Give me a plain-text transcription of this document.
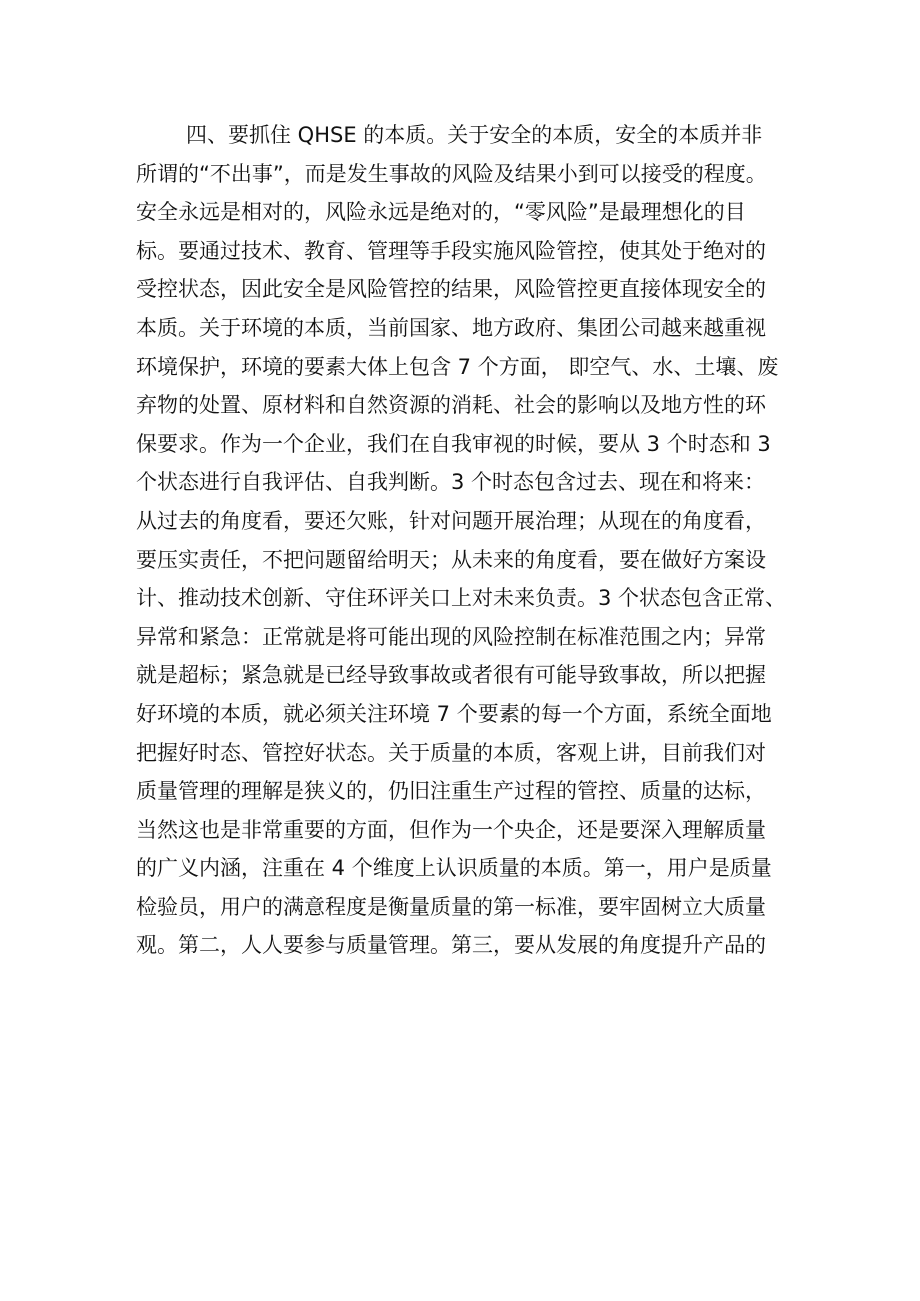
四、要抓住 QHSE 的本质。关于安全的本质，安全的本质并非
所谓的“不出事”，而是发生事故的风险及结果小到可以接受的程度。
安全永远是相对的，风险永远是绝对的，“零风险”是最理想化的目
标。要通过技术、教育、管理等手段实施风险管控，使其处于绝对的
受控状态，因此安全是风险管控的结果，风险管控更直接体现安全的
本质。关于环境的本质，当前国家、地方政府、集团公司越来越重视
环境保护，环境的要素大体上包含 7 个方面， 即空气、水、土壤、废
弃物的处置、原材料和自然资源的消耗、社会的影响以及地方性的环
保要求。作为一个企业，我们在自我审视的时候，要从 3 个时态和 3
个状态进行自我评估、自我判断。3 个时态包含过去、现在和将来：
从过去的角度看，要还欠账，针对问题开展治理；从现在的角度看，
要压实责任，不把问题留给明天；从未来的角度看，要在做好方案设
计、推动技术创新、守住环评关口上对未来负责。3 个状态包含正常、
异常和紧急：正常就是将可能出现的风险控制在标准范围之内；异常
就是超标；紧急就是已经导致事故或者很有可能导致事故，所以把握
好环境的本质，就必须关注环境 7 个要素的每一个方面，系统全面地
把握好时态、管控好状态。关于质量的本质，客观上讲，目前我们对
质量管理的理解是狭义的，仍旧注重生产过程的管控、质量的达标，
当然这也是非常重要的方面，但作为一个央企，还是要深入理解质量
的广义内涵，注重在 4 个维度上认识质量的本质。第一，用户是质量
检验员，用户的满意程度是衡量质量的第一标准，要牢固树立大质量
观。第二，人人要参与质量管理。第三，要从发展的角度提升产品的
